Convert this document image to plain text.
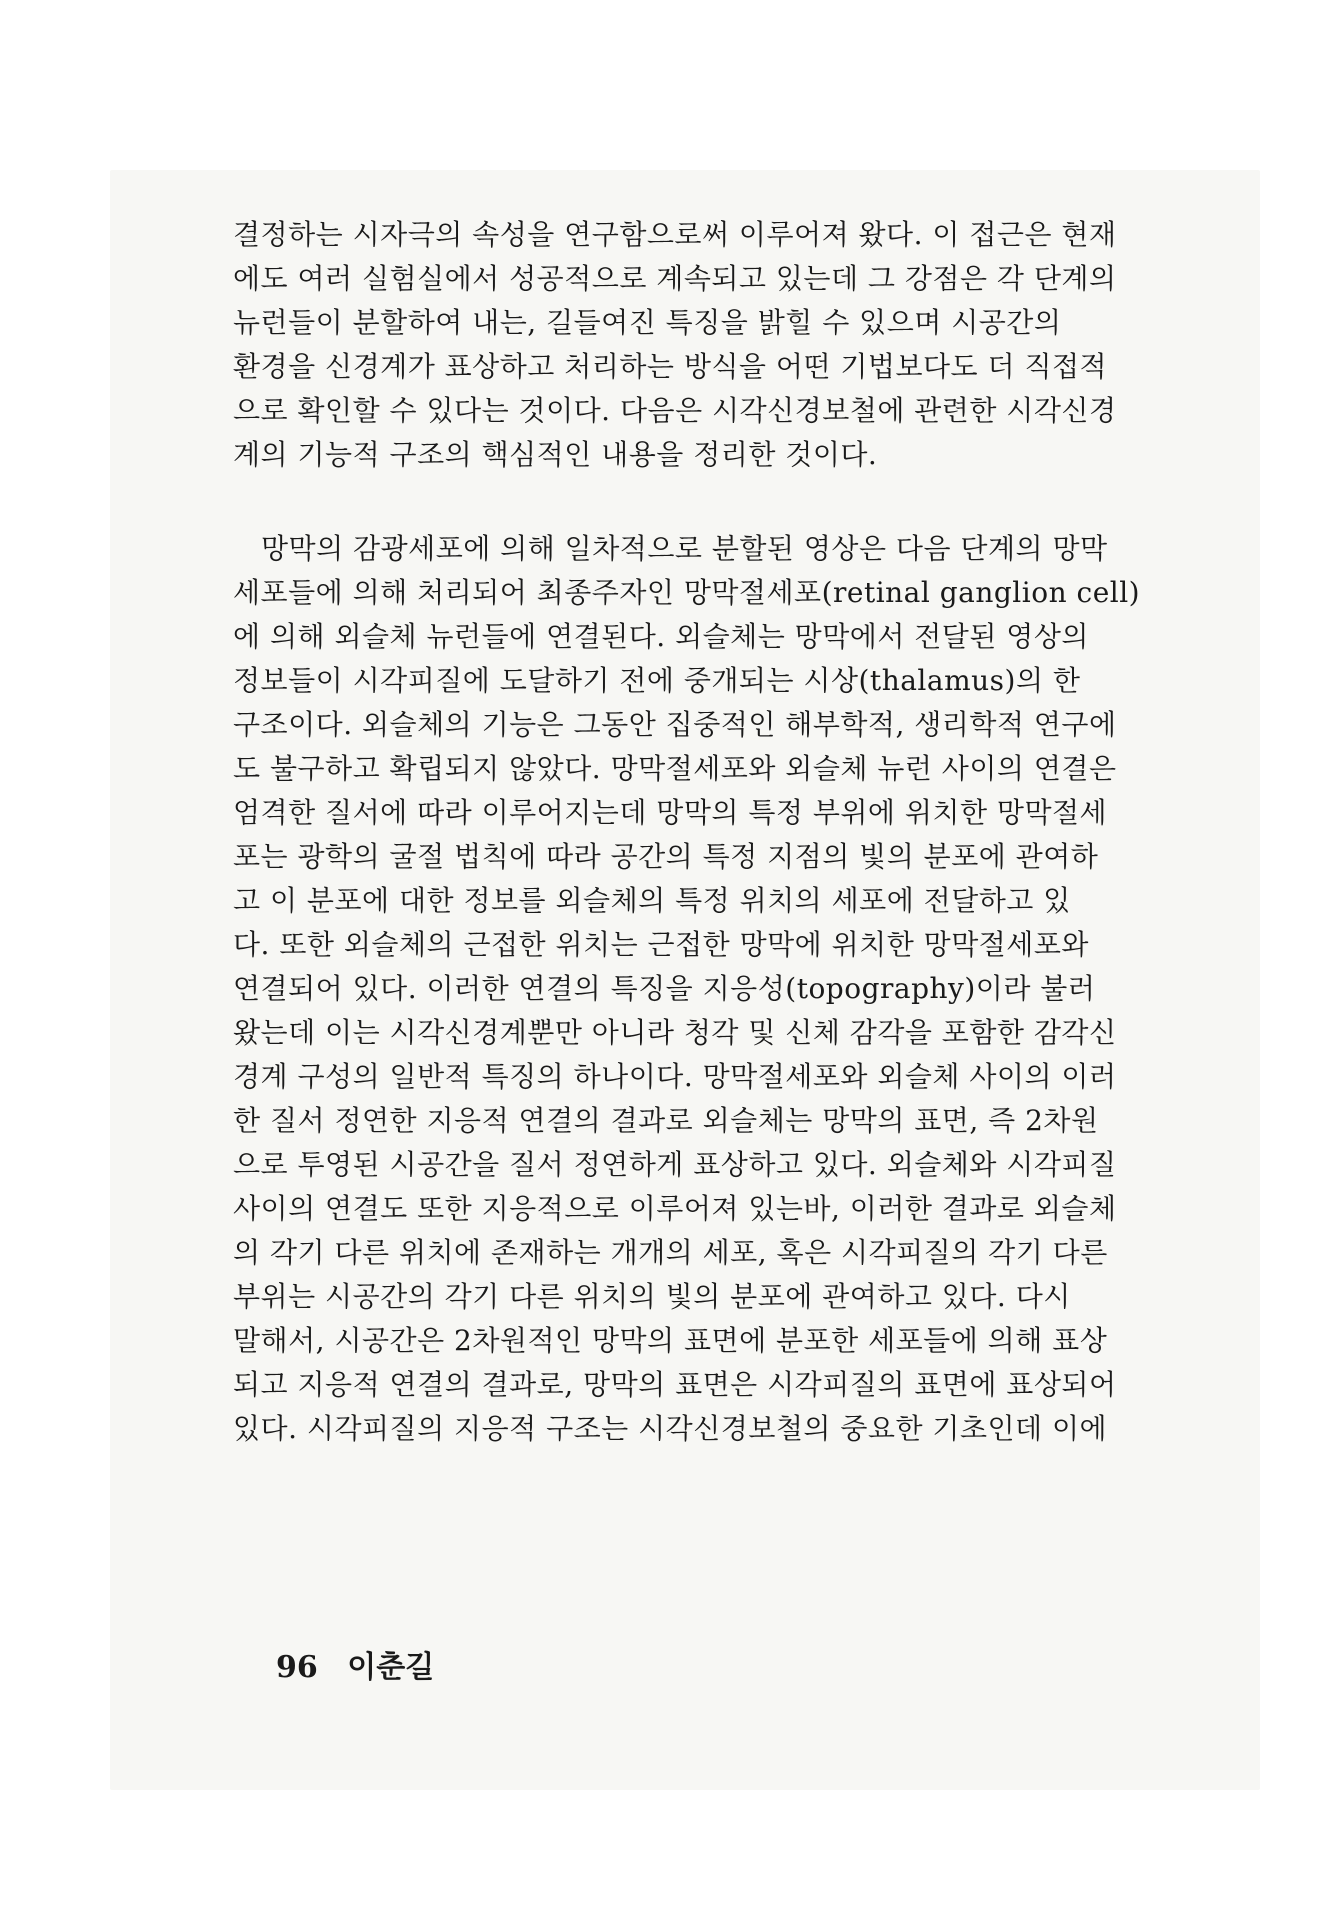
결정하는 시자극의 속성을 연구함으로써 이루어져 왔다. 이 접근은 현재
에도 여러 실험실에서 성공적으로 계속되고 있는데 그 강점은 각 단계의
뉴런들이 분할하여 내는, 길들여진 특징을 밝힐 수 있으며 시공간의
환경을 신경계가 표상하고 처리하는 방식을 어떤 기법보다도 더 직접적
으로 확인할 수 있다는 것이다. 다음은 시각신경보철에 관련한 시각신경
계의 기능적 구조의 핵심적인 내용을 정리한 것이다.

망막의 감광세포에 의해 일차적으로 분할된 영상은 다음 단계의 망막
세포들에 의해 처리되어 최종주자인 망막절세포(retinal ganglion cell)
에 의해 외슬체 뉴런들에 연결된다. 외슬체는 망막에서 전달된 영상의
정보들이 시각피질에 도달하기 전에 중개되는 시상(thalamus)의 한
구조이다. 외슬체의 기능은 그동안 집중적인 해부학적, 생리학적 연구에
도 불구하고 확립되지 않았다. 망막절세포와 외슬체 뉴런 사이의 연결은
엄격한 질서에 따라 이루어지는데 망막의 특정 부위에 위치한 망막절세
포는 광학의 굴절 법칙에 따라 공간의 특정 지점의 빛의 분포에 관여하
고 이 분포에 대한 정보를 외슬체의 특정 위치의 세포에 전달하고 있
다. 또한 외슬체의 근접한 위치는 근접한 망막에 위치한 망막절세포와
연결되어 있다. 이러한 연결의 특징을 지응성(topography)이라 불러
왔는데 이는 시각신경계뿐만 아니라 청각 및 신체 감각을 포함한 감각신
경계 구성의 일반적 특징의 하나이다. 망막절세포와 외슬체 사이의 이러
한 질서 정연한 지응적 연결의 결과로 외슬체는 망막의 표면, 즉 2차원
으로 투영된 시공간을 질서 정연하게 표상하고 있다. 외슬체와 시각피질
사이의 연결도 또한 지응적으로 이루어져 있는바, 이러한 결과로 외슬체
의 각기 다른 위치에 존재하는 개개의 세포, 혹은 시각피질의 각기 다른
부위는 시공간의 각기 다른 위치의 빛의 분포에 관여하고 있다. 다시
말해서, 시공간은 2차원적인 망막의 표면에 분포한 세포들에 의해 표상
되고 지응적 연결의 결과로, 망막의 표면은 시각피질의 표면에 표상되어
있다. 시각피질의 지응적 구조는 시각신경보철의 중요한 기초인데 이에

96 이춘길
